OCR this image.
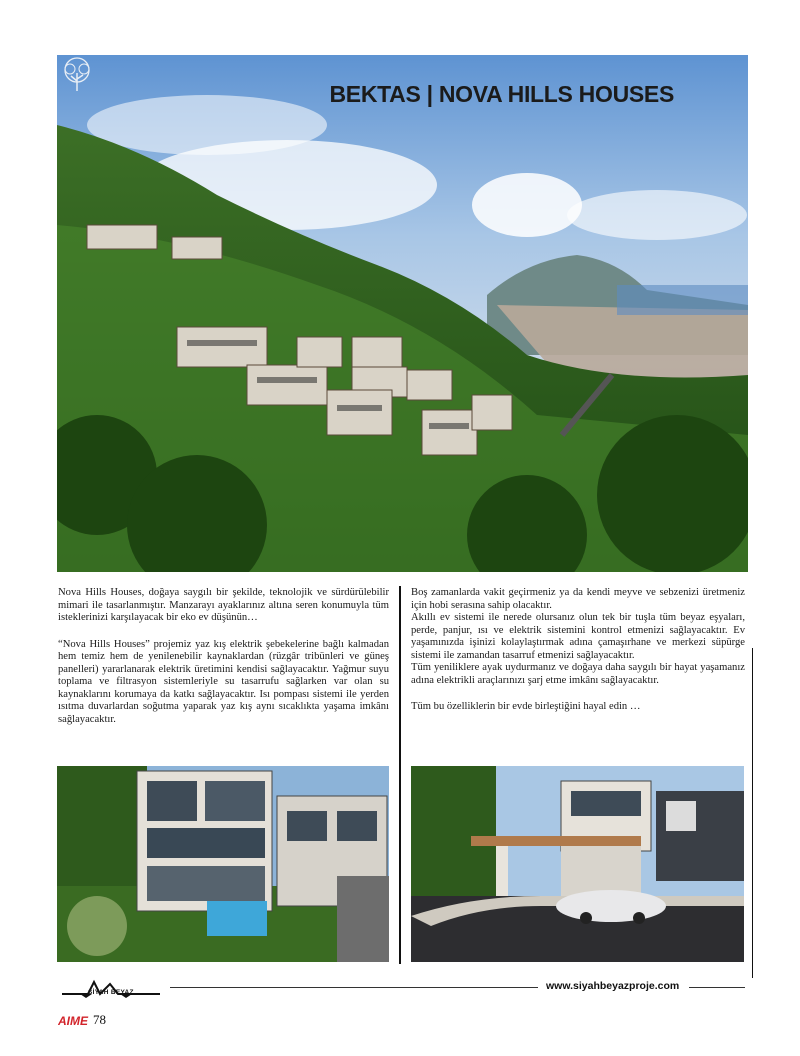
BEKTAS | NOVA HILLS HOUSES

Nova Hills Houses, doğaya saygılı bir şekilde, teknolojik ve sürdürülebilir mimari ile tasarlanmıştır. Manzarayı ayaklarınız altına seren konumuyla tüm isteklerinizi karşılayacak bir eko ev düşünün…

“Nova Hills Houses” projemiz yaz kış elektrik şebekelerine bağlı kalmadan hem temiz hem de yenilenebilir kaynaklardan (rüzgâr tribünleri ve güneş panelleri) yararlanarak elektrik üretimini kendisi sağlayacaktır. Yağmur suyu toplama ve filtrasyon sistemleriyle su tasarrufu sağlarken var olan su kaynaklarını korumaya da katkı sağlayacaktır. Isı pompası sistemi ile yerden ısıtma duvarlardan soğutma yaparak yaz kış aynı sıcaklıkta yaşama imkânı sağlayacaktır.

Boş zamanlarda vakit geçirmeniz ya da kendi meyve ve sebzenizi üretmeniz için hobi serasına sahip olacaktır.

Akıllı ev sistemi ile nerede olursanız olun tek bir tuşla tüm beyaz eşyaları, perde, panjur, ısı ve elektrik sistemini kontrol etmenizi sağlayacaktır. Ev yaşamınızda işinizi kolaylaştırmak adına çamaşırhane ve merkezi süpürge sistemi ile zamandan tasarruf etmenizi sağlayacaktır.

Tüm yeniliklere ayak uydurmanız ve doğaya daha saygılı bir hayat yaşamanız adına elektrikli araçlarınızı şarj etme imkânı sağlayacaktır.

Tüm bu özelliklerin bir evde birleştiğini hayal edin …

SİYAH BEYAZ
www.siyahbeyazproje.com
AIME 78
